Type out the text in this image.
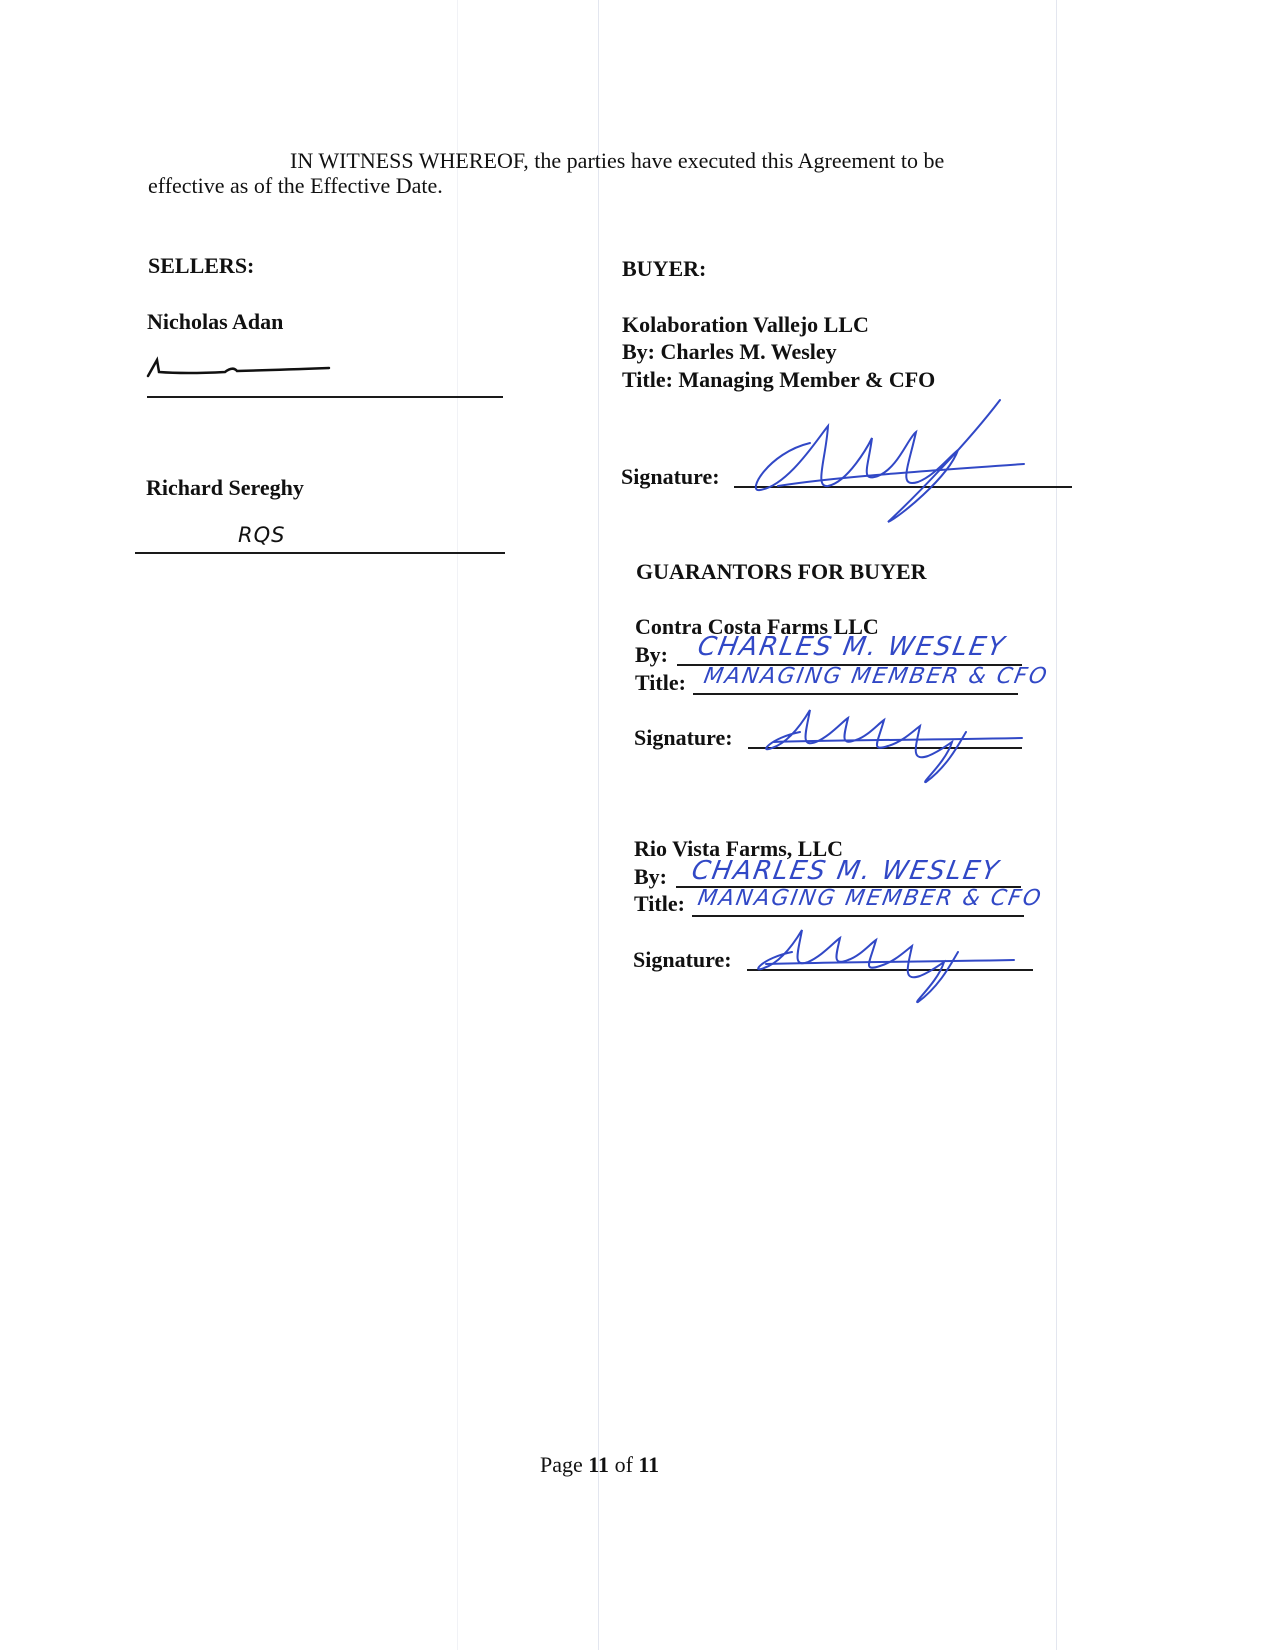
IN WITNESS WHEREOF, the parties have executed this Agreement to be
effective as of the Effective Date.
SELLERS:
Nicholas Adan
Richard Sereghy
RQS
BUYER:
Kolaboration Vallejo LLC
By: Charles M. Wesley
Title: Managing Member & CFO
Signature:
GUARANTORS FOR BUYER
Contra Costa Farms LLC
By: CHARLES M. WESLEY
Title: MANAGING MEMBER & CFO
Signature:
Rio Vista Farms, LLC
By: CHARLES M. WESLEY
Title: MANAGING MEMBER & CFO
Signature:
Page 11 of 11
